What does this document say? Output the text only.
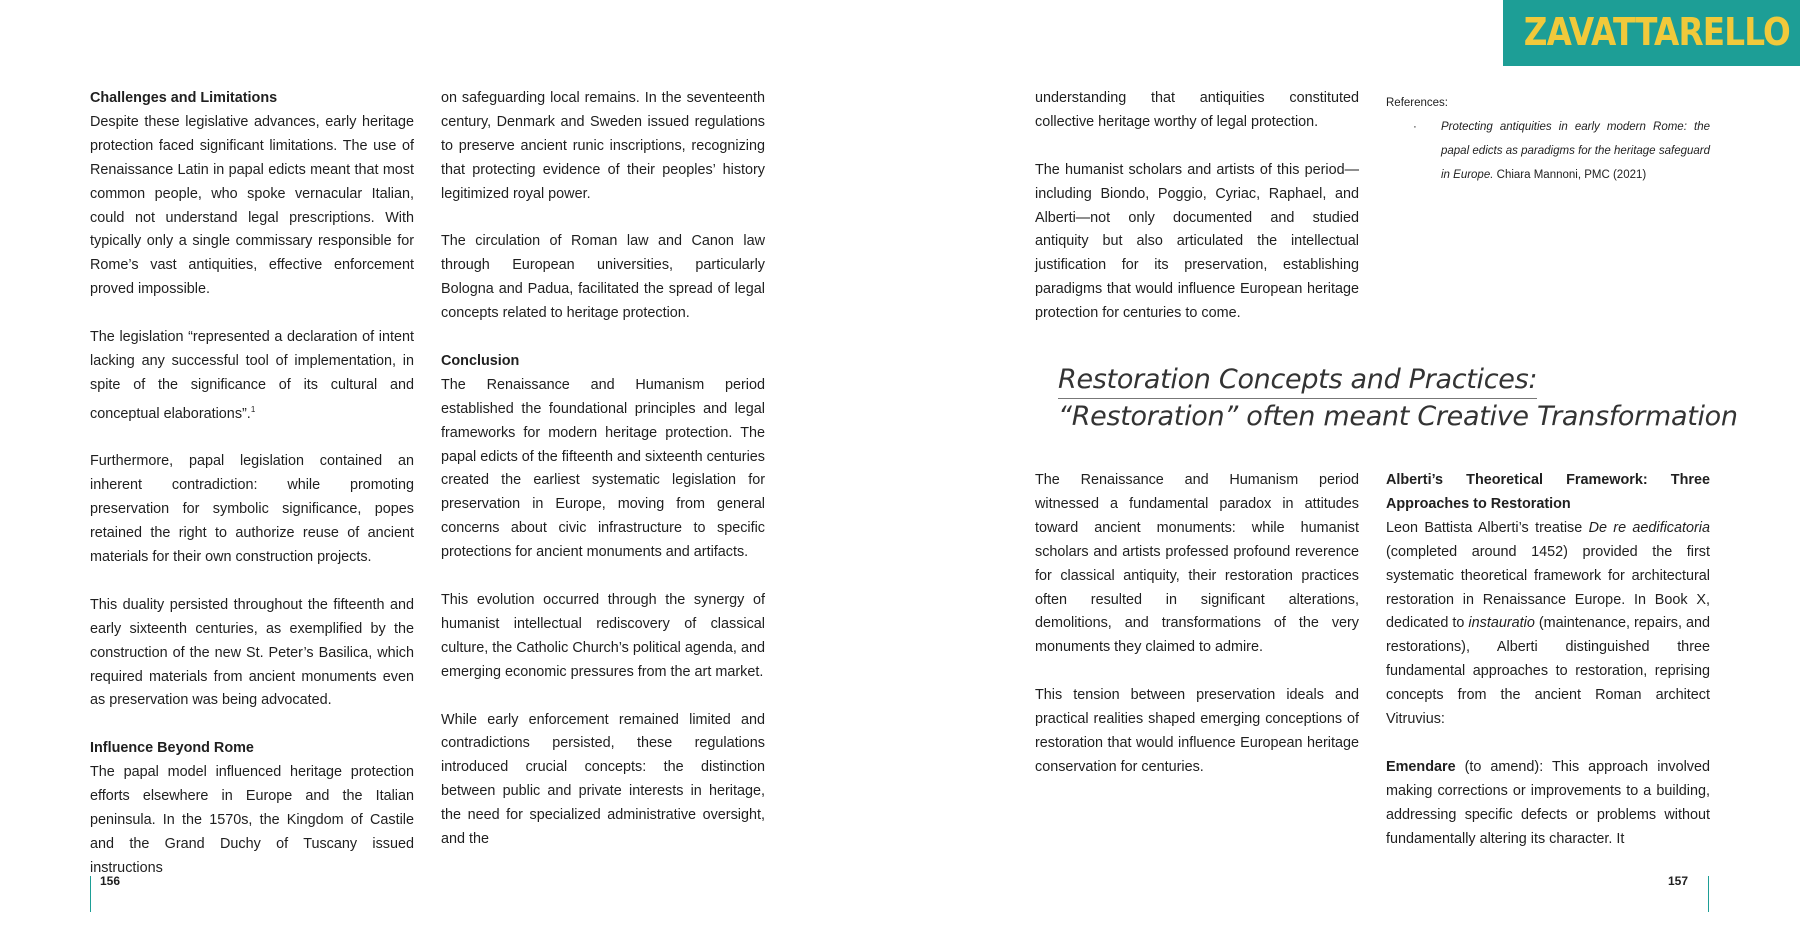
ZAVATTARELLO

Challenges and Limitations
Despite these legislative advances, early heritage protection faced significant limitations. The use of Renaissance Latin in papal edicts meant that most common people, who spoke vernacular Italian, could not understand legal prescriptions. With typically only a single commissary responsible for Rome’s vast antiquities, effective enforcement proved impossible.

The legislation “represented a declaration of intent lacking any successful tool of implementation, in spite of the significance of its cultural and conceptual elaborations”.$^1$

Furthermore, papal legislation contained an inherent contradiction: while promoting preservation for symbolic significance, popes retained the right to authorize reuse of ancient materials for their own construction projects.

This duality persisted throughout the fifteenth and early sixteenth centuries, as exemplified by the construction of the new St. Peter’s Basilica, which required materials from ancient monuments even as preservation was being advocated.

Influence Beyond Rome
The papal model influenced heritage protection efforts elsewhere in Europe and the Italian peninsula. In the 1570s, the Kingdom of Castile and the Grand Duchy of Tuscany issued instructions

on safeguarding local remains. In the seventeenth century, Denmark and Sweden issued regulations to preserve ancient runic inscriptions, recognizing that protecting evidence of their peoples’ history legitimized royal power.

The circulation of Roman law and Canon law through European universities, particularly Bologna and Padua, facilitated the spread of legal concepts related to heritage protection.

Conclusion
The Renaissance and Humanism period established the foundational principles and legal frameworks for modern heritage protection. The papal edicts of the fifteenth and sixteenth centuries created the earliest systematic legislation for preservation in Europe, moving from general concerns about civic infrastructure to specific protections for ancient monuments and artifacts.

This evolution occurred through the synergy of humanist intellectual rediscovery of classical culture, the Catholic Church’s political agenda, and emerging economic pressures from the art market.

While early enforcement remained limited and contradictions persisted, these regulations introduced crucial concepts: the distinction between public and private interests in heritage, the need for specialized administrative oversight, and the

understanding that antiquities constituted collective heritage worthy of legal protection.

The humanist scholars and artists of this period—including Biondo, Poggio, Cyriac, Raphael, and Alberti—not only documented and studied antiquity but also articulated the intellectual justification for its preservation, establishing paradigms that would influence European heritage protection for centuries to come.

References:
· Protecting antiquities in early modern Rome: the papal edicts as paradigms for the heritage safeguard in Europe. Chiara Mannoni, PMC (2021)
Restoration Concepts and Practices:
“Restoration” often meant Creative Transformation

The Renaissance and Humanism period witnessed a fundamental paradox in attitudes toward ancient monuments: while humanist scholars and artists professed profound reverence for classical antiquity, their restoration practices often resulted in significant alterations, demolitions, and transformations of the very monuments they claimed to admire.

This tension between preservation ideals and practical realities shaped emerging conceptions of restoration that would influence European heritage conservation for centuries.

Alberti’s Theoretical Framework: Three Approaches to Restoration
Leon Battista Alberti’s treatise De re aedificatoria (completed around 1452) provided the first systematic theoretical framework for architectural restoration in Renaissance Europe. In Book X, dedicated to instauratio (maintenance, repairs, and restorations), Alberti distinguished three fundamental approaches to restoration, reprising concepts from the ancient Roman architect Vitruvius:

Emendare (to amend): This approach involved making corrections or improvements to a building, addressing specific defects or problems without fundamentally altering its character. It

156	157
